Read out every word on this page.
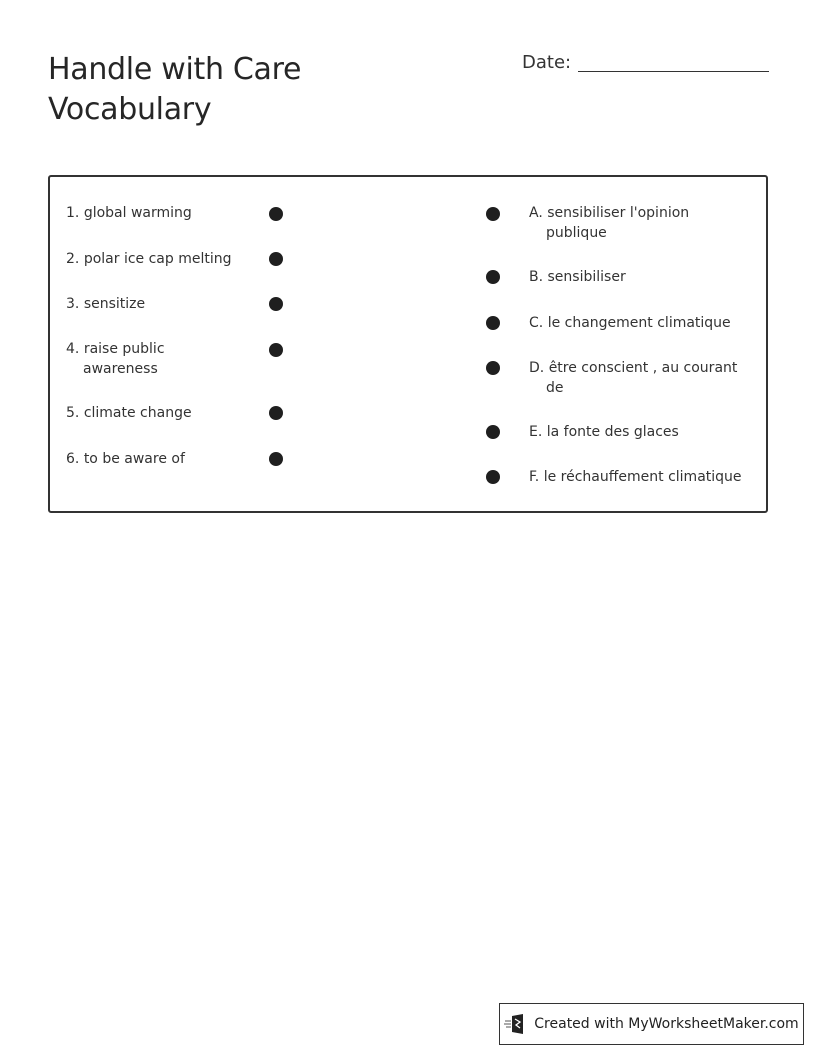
Handle with Care
Vocabulary
Date:
1. global warming
2. polar ice cap melting
3. sensitize
4. raise public
awareness
5. climate change
6. to be aware of
A. sensibiliser l'opinion
publique
B. sensibiliser
C. le changement climatique
D. être conscient , au courant
de
E. la fonte des glaces
F. le réchauffement climatique
Created with MyWorksheetMaker.com
